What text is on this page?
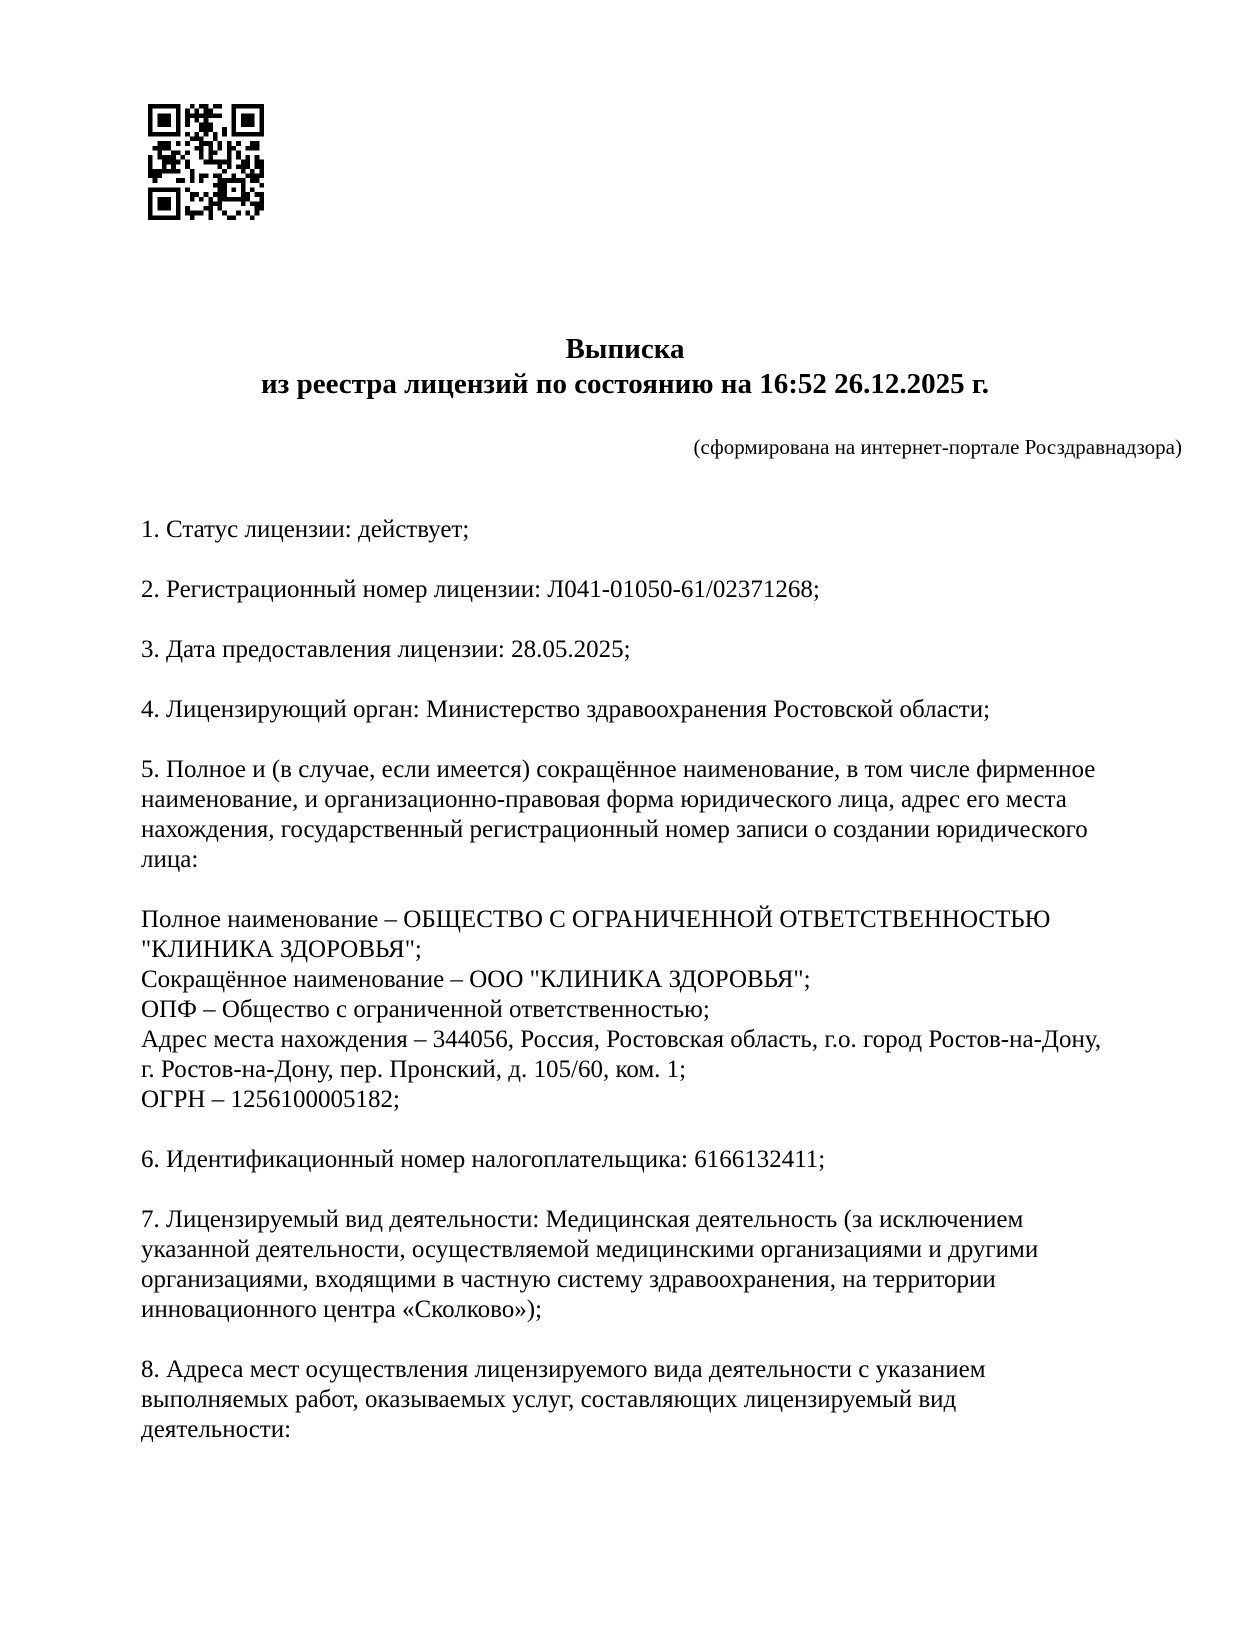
Выписка
из реестра лицензий по состоянию на 16:52 26.12.2025 г.
(сформирована на интернет-портале Росздравнадзора)

1. Статус лицензии: действует;

2. Регистрационный номер лицензии: Л041-01050-61/02371268;

3. Дата предоставления лицензии: 28.05.2025;

4. Лицензирующий орган: Министерство здравоохранения Ростовской области;

5. Полное и (в случае, если имеется) сокращённое наименование, в том числе фирменное наименование, и организационно-правовая форма юридического лица, адрес его места нахождения, государственный регистрационный номер записи о создании юридического лица:

Полное наименование – ОБЩЕСТВО С ОГРАНИЧЕННОЙ ОТВЕТСТВЕННОСТЬЮ "КЛИНИКА ЗДОРОВЬЯ";

Сокращённое наименование – ООО "КЛИНИКА ЗДОРОВЬЯ";

ОПФ – Общество с ограниченной ответственностью;

Адрес места нахождения – 344056, Россия, Ростовская область, г.о. город Ростов-на-Дону, г. Ростов-на-Дону, пер. Пронский, д. 105/60, ком. 1;

ОГРН – 1256100005182;

6. Идентификационный номер налогоплательщика: 6166132411;

7. Лицензируемый вид деятельности: Медицинская деятельность (за исключением указанной деятельности, осуществляемой медицинскими организациями и другими организациями, входящими в частную систему здравоохранения, на территории инновационного центра «Сколково»);

8. Адреса мест осуществления лицензируемого вида деятельности с указанием выполняемых работ, оказываемых услуг, составляющих лицензируемый вид деятельности:
